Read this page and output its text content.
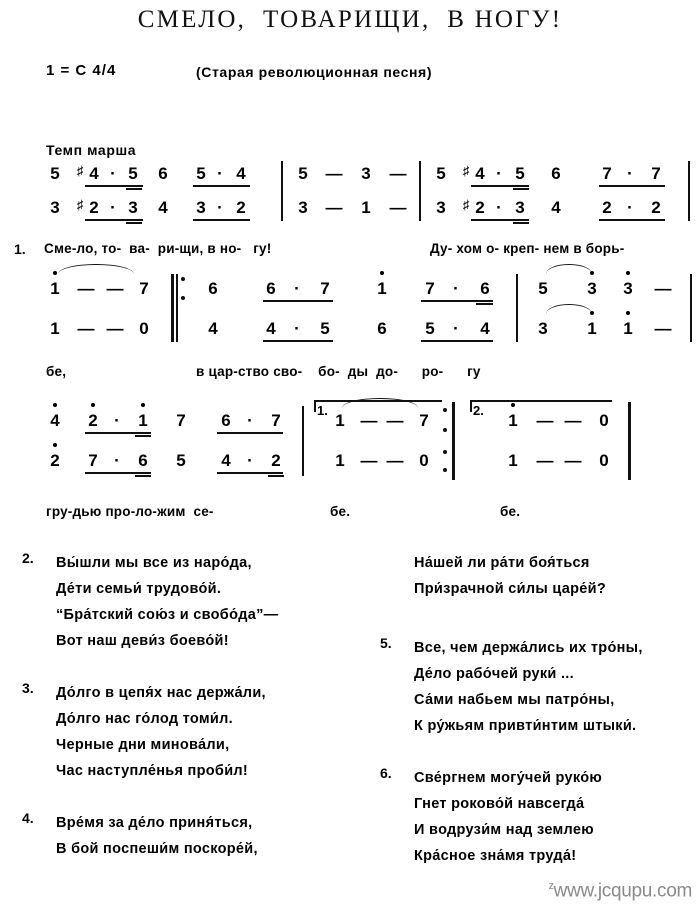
СМЕЛО,  ТОВАРИЩИ,  В НОГУ!
1 = C 4/4	(Старая революционная песня)
Темп марша
5	♯ 4 · 5 6 5 · 4	5 — 3 — 5	♯ 4 · 5 6 7 · 7
3	♯ 2 · 3 4 3 · 2	3 — 1 — 3	♯ 2 · 3 4 2 · 2
1. Сме-ло, то-  ва-  ри-щи, в но-   гу!	Ду- хом о- креп- нем в борь-
1 — — 7	6	6 · 7	1 7 · 6	5 3 3 —
1 — — 0	4	4 · 5	6 5 · 4	3 1 1 —
бе,	в цар-ство сво-    бо-  ды  до-      ро-      гу
4 2 · 1 7 6 · 7
2 7 · 6 5 4 · 2
1.
1 — — 7
1 — — 0
2.
1 — — 0
1 — — 0
гру-дью про-ло-жим  се-	бе.	бе.
2. Вы́шли мы все из наро́да,
Де́ти семьи́ трудово́й.
“Бра́тский сою́з и свобо́да”—
Вот наш деви́з боево́й!
3. До́лго в цепя́х нас держа́ли,
До́лго нас го́лод томи́л.
Черные дни минова́ли,
Час наступле́нья проби́л!
4. Вре́мя за де́ло приня́ться,
В бой поспеши́м поскоре́й,
На́шей ли ра́ти боя́ться
При́зрачной си́лы царе́й?
5. Все, чем держа́лись их тро́ны,
Де́ло рабо́чей руки́ ...
Са́ми набьем мы патро́ны,
К ру́жьям привти́нтим штыки́.
6. Све́ргнем могу́чей руко́ю
Гнет роково́й навсегда́
И водрузи́м над землею
Кра́сное зна́мя труда́!
$^z$www.jcqupu.com
